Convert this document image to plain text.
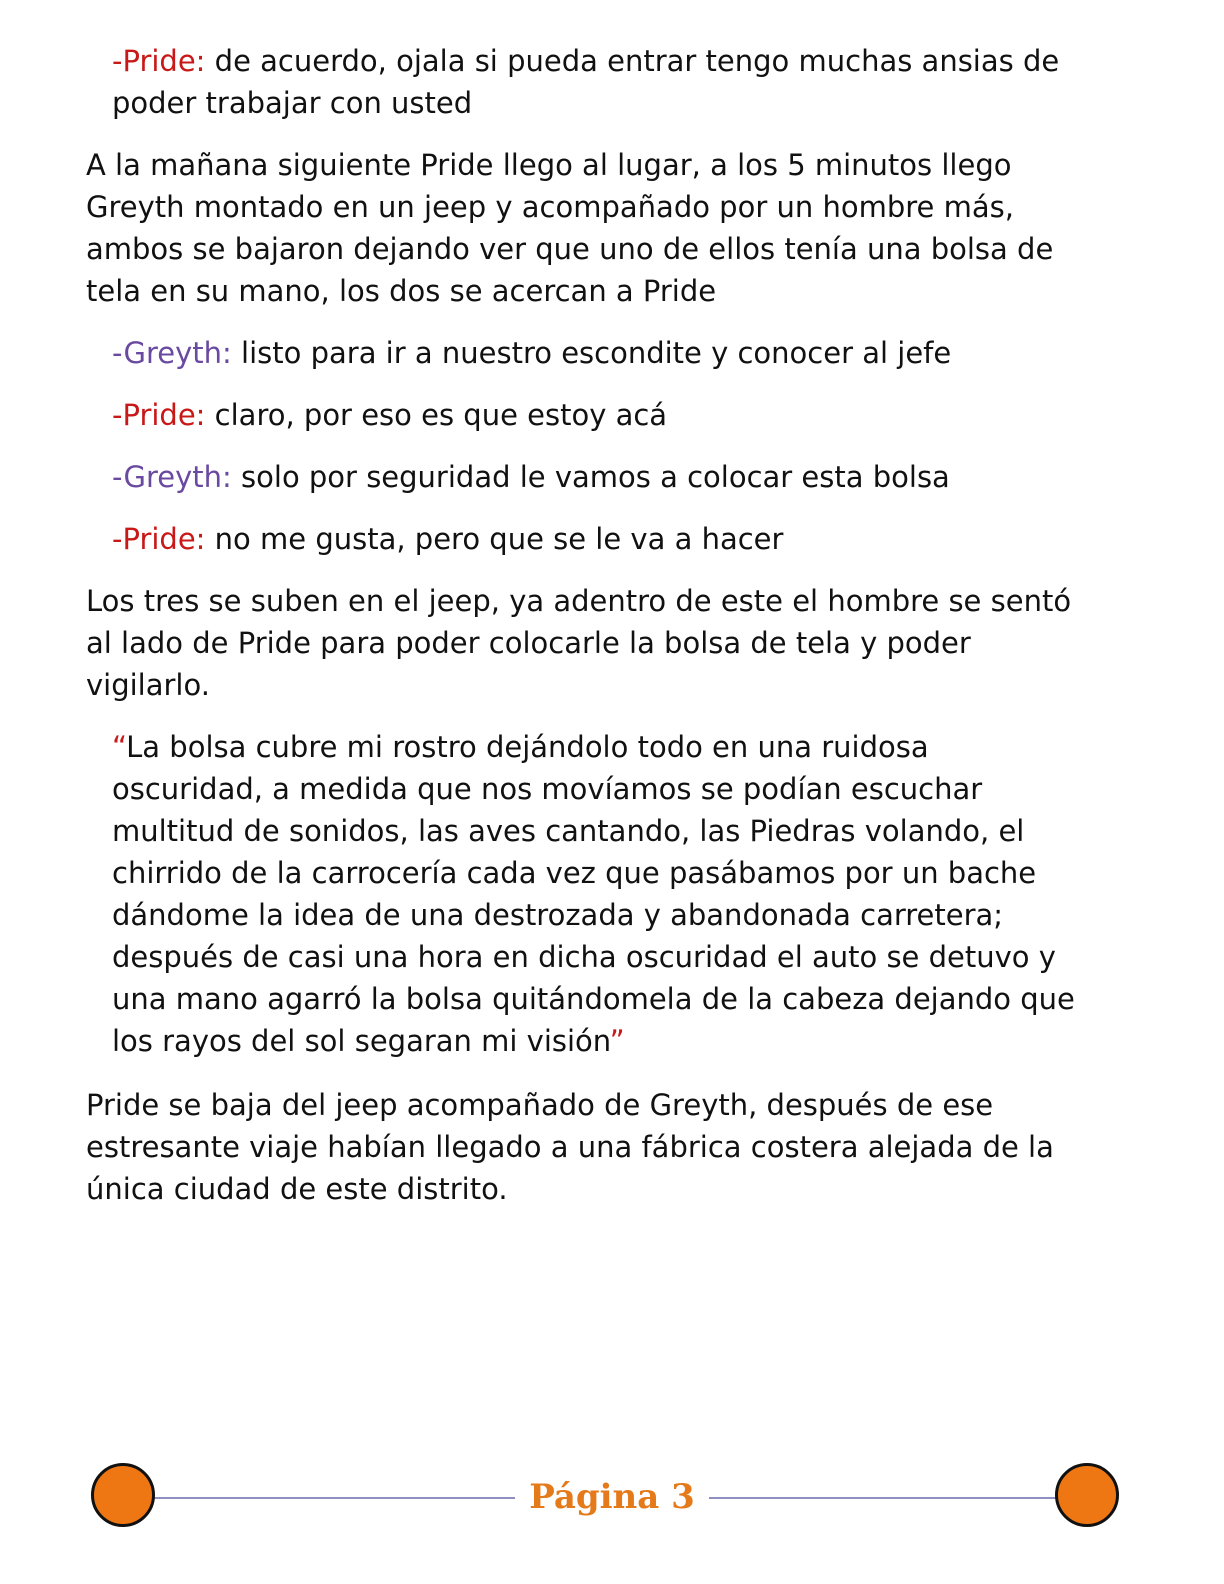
-Pride: de acuerdo, ojala si pueda entrar tengo muchas ansias de
poder trabajar con usted
A la mañana siguiente Pride llego al lugar, a los 5 minutos llego
Greyth montado en un jeep y acompañado por un hombre más,
ambos se bajaron dejando ver que uno de ellos tenía una bolsa de
tela en su mano, los dos se acercan a Pride
-Greyth: listo para ir a nuestro escondite y conocer al jefe
-Pride: claro, por eso es que estoy acá
-Greyth: solo por seguridad le vamos a colocar esta bolsa
-Pride: no me gusta, pero que se le va a hacer
Los tres se suben en el jeep, ya adentro de este el hombre se sentó
al lado de Pride para poder colocarle la bolsa de tela y poder
vigilarlo.
“La bolsa cubre mi rostro dejándolo todo en una ruidosa
oscuridad, a medida que nos movíamos se podían escuchar
multitud de sonidos, las aves cantando, las Piedras volando, el
chirrido de la carrocería cada vez que pasábamos por un bache
dándome la idea de una destrozada y abandonada carretera;
después de casi una hora en dicha oscuridad el auto se detuvo y
una mano agarró la bolsa quitándomela de la cabeza dejando que
los rayos del sol segaran mi visión”
Pride se baja del jeep acompañado de Greyth, después de ese
estresante viaje habían llegado a una fábrica costera alejada de la
única ciudad de este distrito.
Página 3
